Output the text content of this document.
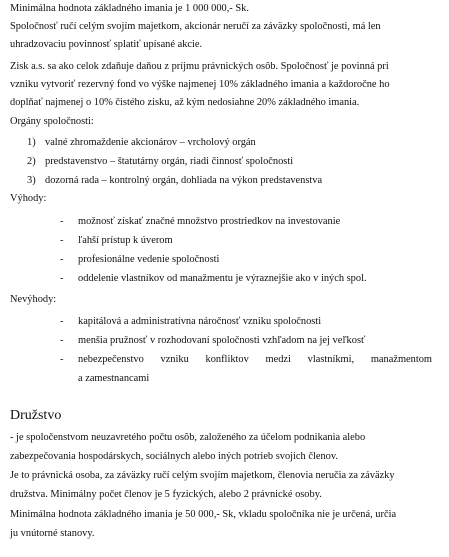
Minimálna hodnota základného imania je 1 000 000,- Sk.
Spoločnosť ručí celým svojím majetkom, akcionár neručí za záväzky spoločnosti, má len
uhradzovaciu povinnosť splatiť upísané akcie.
Zisk a.s. sa ako celok zdaňuje daňou z príjmu právnických osôb. Spoločnosť je povinná pri
vzniku vytvoriť rezervný fond vo výške najmenej 10% základného imania a každoročne ho
doplňať najmenej o 10% čistého zisku, až kým nedosiahne 20% základného imania.
Orgány spoločnosti:
1) valné zhromaždenie akcionárov – vrcholový orgán
2) predstavenstvo – štatutárny orgán, riadi činnosť spoločnosti
3) dozorná rada – kontrolný orgán, dohliada na výkon predstavenstva
Výhody:
- možnosť získať značné množstvo prostriedkov na investovanie
- ľahší prístup k úverom
- profesionálne vedenie spoločnosti
- oddelenie vlastníkov od manažmentu je výraznejšie ako v iných spol.
Nevýhody:
- kapitálová a administratívna náročnosť vzniku spoločnosti
- menšia pružnosť v rozhodovaní spoločnosti vzhľadom na jej veľkosť
- nebezpečenstvo vzniku konfliktov medzi vlastníkmi, manažmentom
a zamestnancami
Družstvo
- je spoločenstvom neuzavretého počtu osôb, založeného za účelom podnikania alebo
zabezpečovania hospodárskych, sociálnych alebo iných potrieb svojich členov.
Je to právnická osoba, za záväzky ručí celým svojím majetkom, členovia neručia za záväzky
družstva. Minimálny počet členov je 5 fyzických, alebo 2 právnické osoby.
Minimálna hodnota základného imania je 50 000,- Sk, vkladu spoločníka nie je určená, určia
ju vnútorné stanovy.
